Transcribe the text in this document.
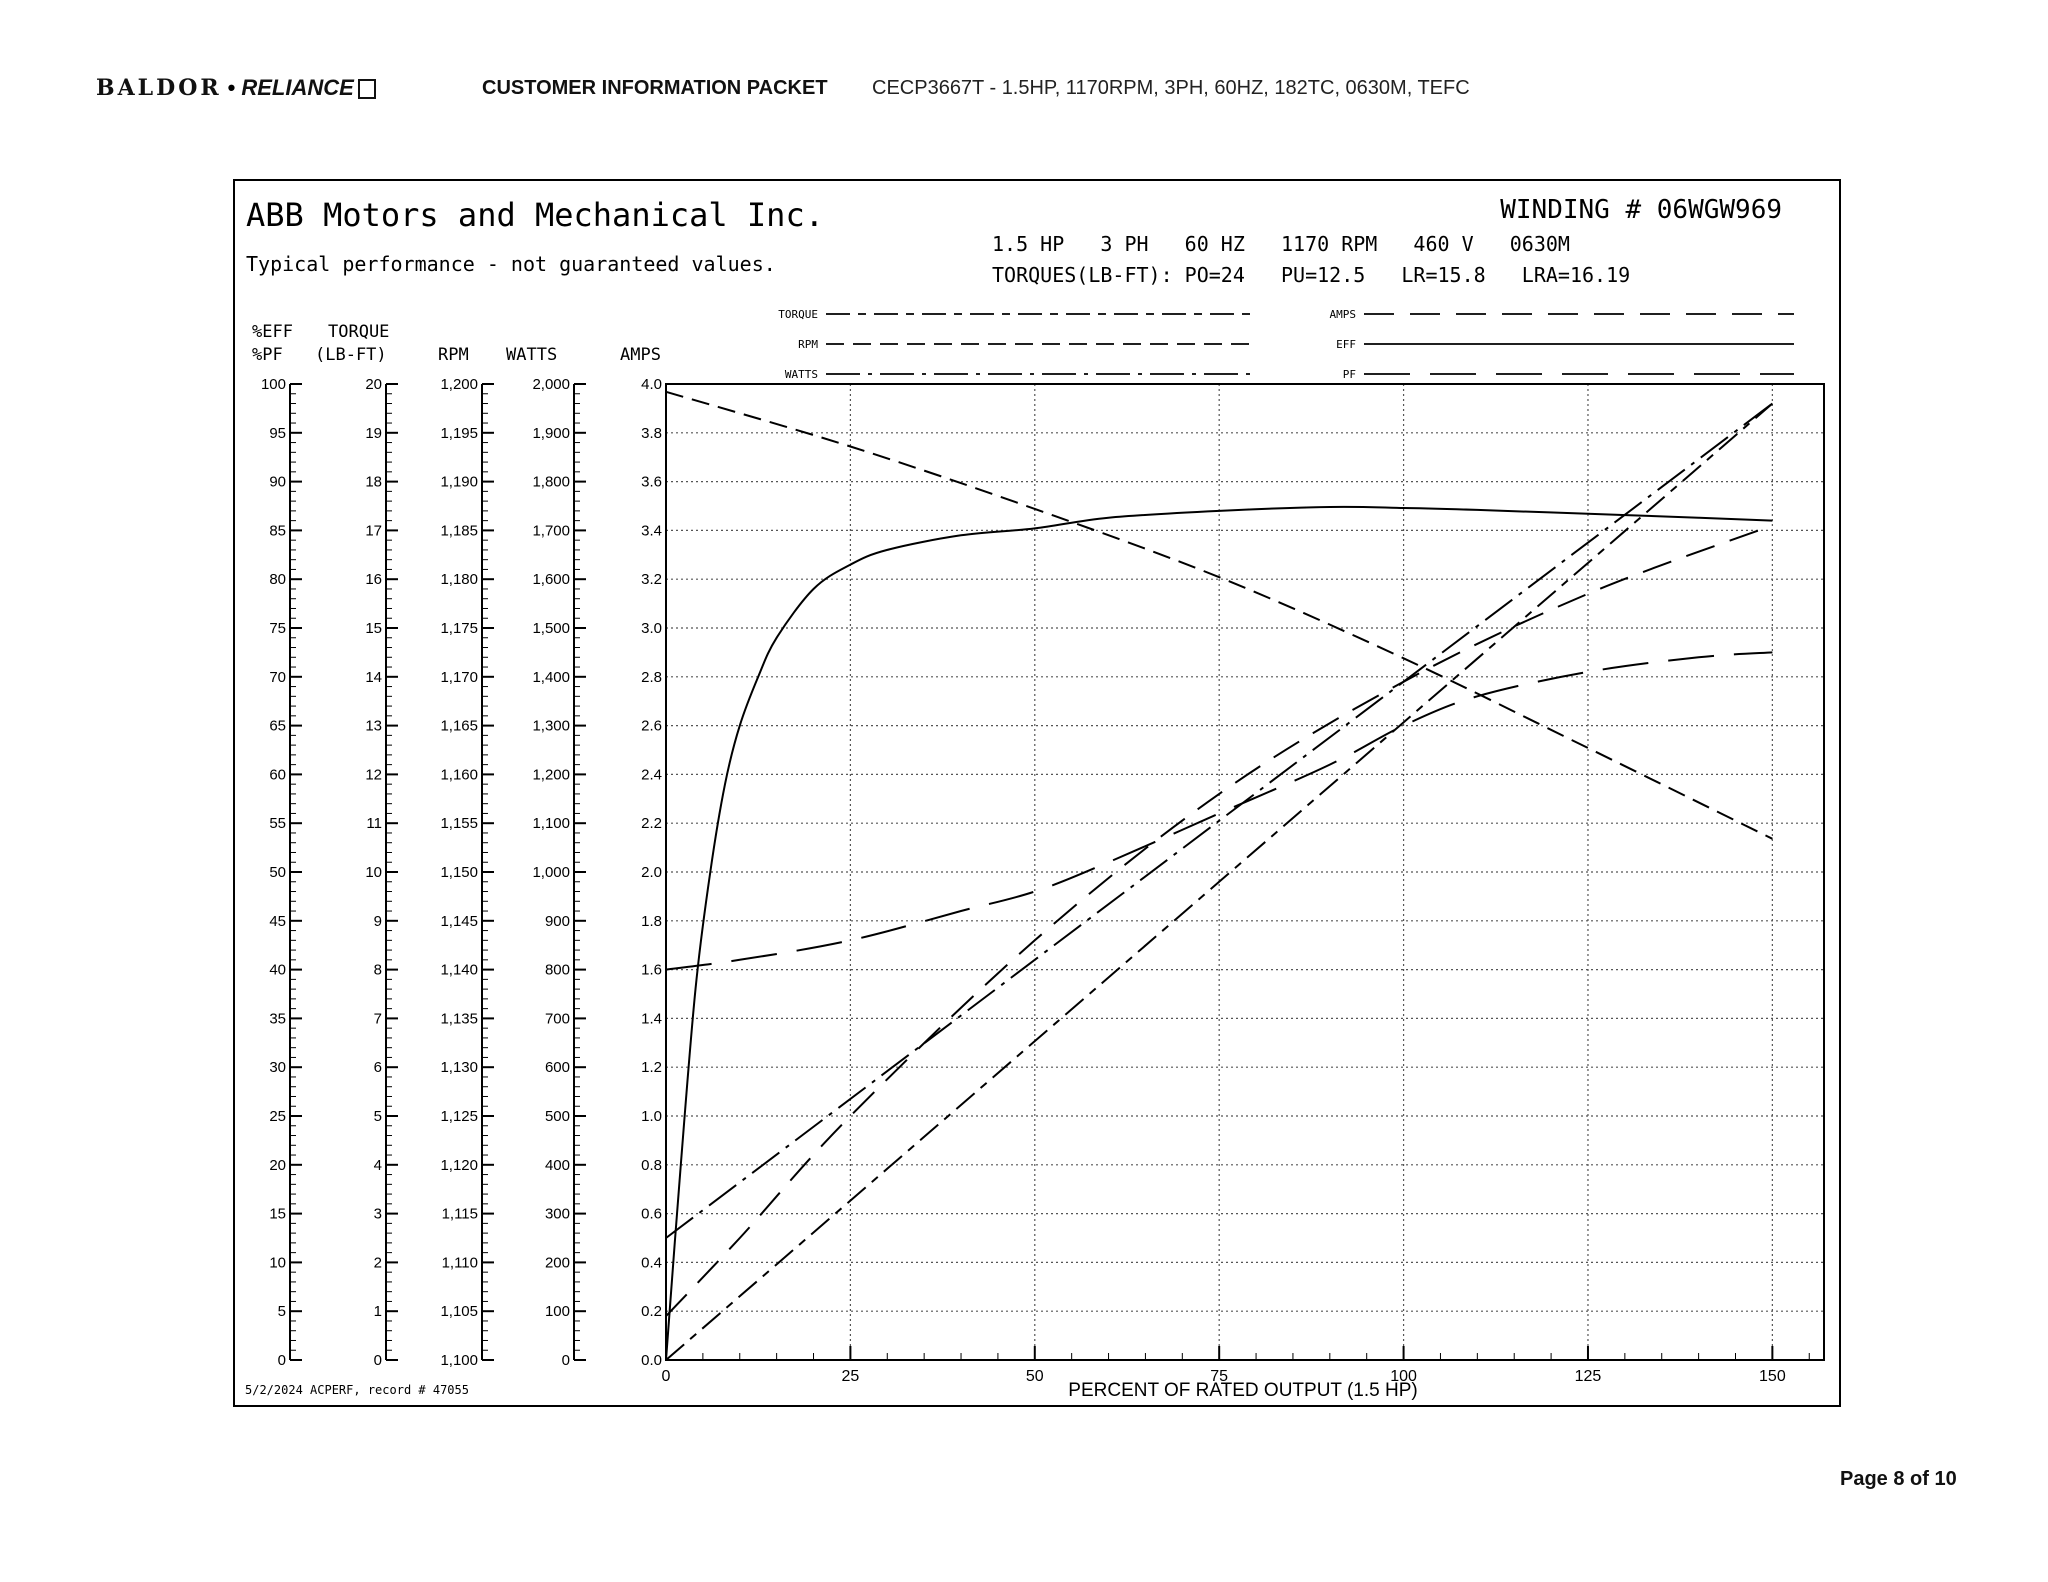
BALDOR • RELIANCE	CUSTOMER INFORMATION PACKET CECP3667T - 1.5HP, 1170RPM, 3PH, 60HZ, 182TC, 0630M, TEFC
ABB Motors and Mechanical Inc.
Typical performance - not guaranteed values.
WINDING # 06WGW969
1.5 HP   3 PH   60 HZ   1170 RPM   460 V   0630M
TORQUES(LB-FT): PO=24   PU=12.5   LR=15.8   LRA=16.19
%EFF
%PF
TORQUE
(LB-FT)	RPM WATTS	AMPS
0
5
10
15
20
25
30
35
40
45
50
55
60
65
70
75
80
85
90
95
100
0
1
2
3
4
5
6
7
8
9
10
11
12
13
14
15
16
17
18
19
20
1,100
1,105
1,110
1,115
1,120
1,125
1,130
1,135
1,140
1,145
1,150
1,155
1,160
1,165
1,170
1,175
1,180
1,185
1,190
1,195
1,200
0
100
200
300
400
500
600
700
800
900
1,000
1,100
1,200
1,300
1,400
1,500
1,600
1,700
1,800
1,900
2,000
0.0
0.2
0.4
0.6
0.8
1.0
1.2
1.4
1.6
1.8
2.0
2.2
2.4
2.6
2.8
3.0
3.2
3.4
3.6
3.8
4.0
0	25	50	75	100	125	150
PERCENT OF RATED OUTPUT (1.5 HP)
TORQUE
RPM
WATTS
AMPS
EFF
PF
5/2/2024 ACPERF, record # 47055
Page 8 of 10
